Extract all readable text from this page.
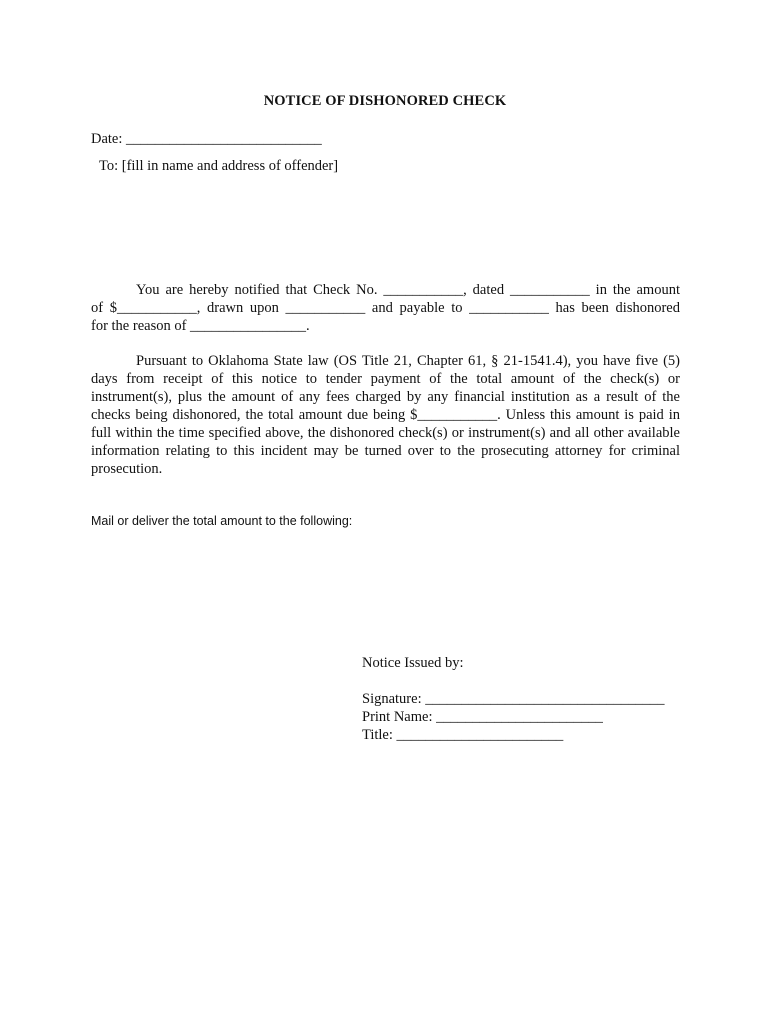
NOTICE OF DISHONORED CHECK
Date: ___________________________
To: [fill in name and address of offender]
You are hereby notified that Check No. ___________, dated ___________ in the amount
of $___________, drawn upon ___________ and payable to ___________ has been dishonored
for the reason of ________________.
Pursuant to Oklahoma State law (OS Title 21, Chapter 61, § 21-1541.4), you have five (5) days from receipt of this notice to tender payment of the total amount of the check(s) or instrument(s), plus the amount of any fees charged by any financial institution as a result of the checks being dishonored, the total amount due being $___________. Unless this amount is paid in full within the time specified above, the dishonored check(s) or instrument(s) and all other available information relating to this incident may be turned over to the prosecuting attorney for criminal prosecution.
Mail or deliver the total amount to the following:
Notice Issued by:
Signature: _________________________________
Print Name: _______________________
Title: _______________________
